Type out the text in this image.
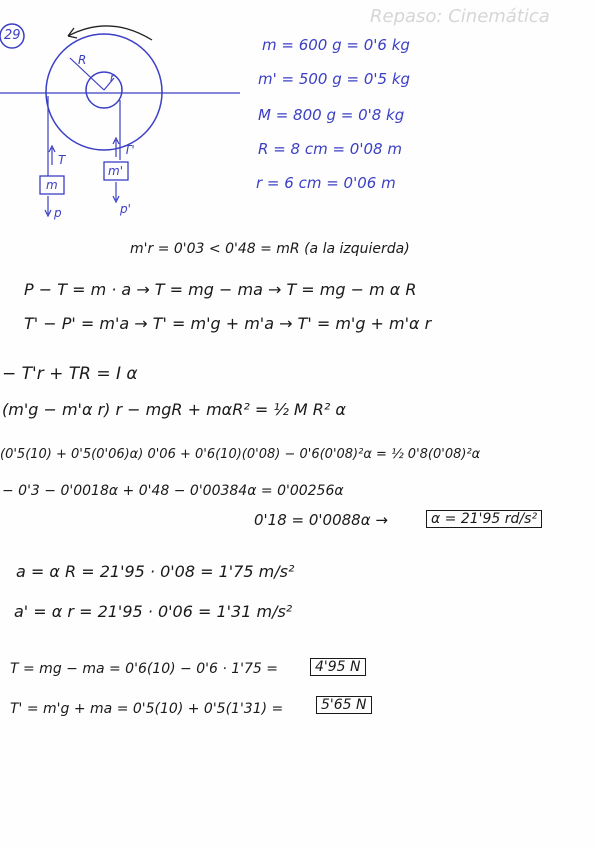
Repaso: Cinemática
29
R
r
T
T'
m
m'
p	p'
m = 600 g = 0'6 kg
m' = 500 g = 0'5 kg
M = 800 g = 0'8 kg
R = 8 cm = 0'08 m
r = 6 cm = 0'06 m
m'r = 0'03 < 0'48 = mR (a la izquierda)
P − T = m · a → T = mg − ma → T = mg − m α R
T' − P' = m'a → T' = m'g + m'a → T' = m'g + m'α r
− T'r + TR = I α
(m'g − m'α r) r − mgR + mαR² = ½ M R² α
(0'5(10) + 0'5(0'06)α) 0'06 + 0'6(10)(0'08) − 0'6(0'08)²α = ½ 0'8(0'08)²α
− 0'3 − 0'0018α + 0'48 − 0'00384α = 0'00256α
0'18 = 0'0088α →	α = 21'95 rd/s²
a = α R = 21'95 · 0'08 = 1'75 m/s²
a' = α r = 21'95 · 0'06 = 1'31 m/s²
T = mg − ma = 0'6(10) − 0'6 · 1'75 =	4'95 N
T' = m'g + ma = 0'5(10) + 0'5(1'31) =	5'65 N
